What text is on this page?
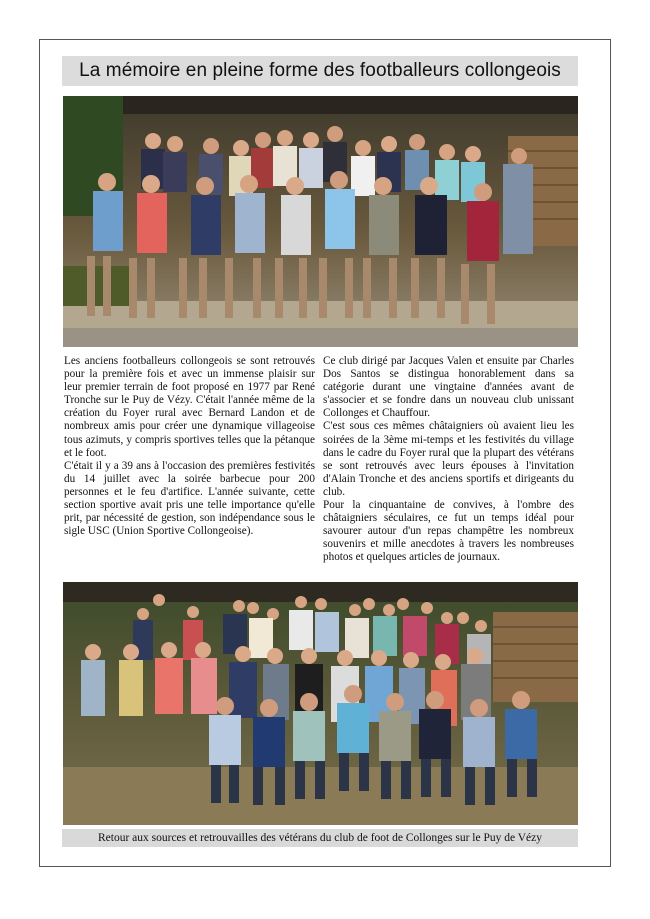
La mémoire en pleine forme des footballeurs collongeois

Les anciens footballeurs collongeois se sont retrouvés pour la première fois et avec un immense plaisir sur leur premier terrain de foot proposé en 1977 par René Tronche sur le Puy de Vézy. C'était l'année même de la création du Foyer rural avec Bernard Landon et de nombreux amis pour créer une dynamique villageoise tous azimuts, y compris sportives telles que la pétanque et le foot.

C'était il y a 39 ans à l'occasion des premières festivités du 14 juillet avec la soirée barbecue pour 200 personnes et le feu d'artifice. L'année suivante, cette section sportive avait pris une telle importance qu'elle prit, par nécessité de gestion, son indépendance sous le sigle USC (Union Sportive Collongeoise).

Ce club dirigé par Jacques Valen et ensuite par Charles Dos Santos se distingua honorablement dans sa catégorie durant une vingtaine d'années avant de s'associer et se fondre dans un nouveau club unissant Collonges et Chauffour.

C'est sous ces mêmes châtaigniers où avaient lieu les soirées de la 3ème mi-temps et les festivités du village dans le cadre du Foyer rural que la plupart des vétérans se sont retrouvés avec leurs épouses à l'invitation d'Alain Tronche et des anciens sportifs et dirigeants du club.

Pour la cinquantaine de convives, à l'ombre des châtaigniers séculaires, ce fut un temps idéal pour savourer autour d'un repas champêtre les nombreux souvenirs et mille anecdotes à travers les nombreuses photos et quelques articles de journaux.

Retour aux sources et retrouvailles des vétérans du club de foot de Collonges sur le Puy de Vézy
